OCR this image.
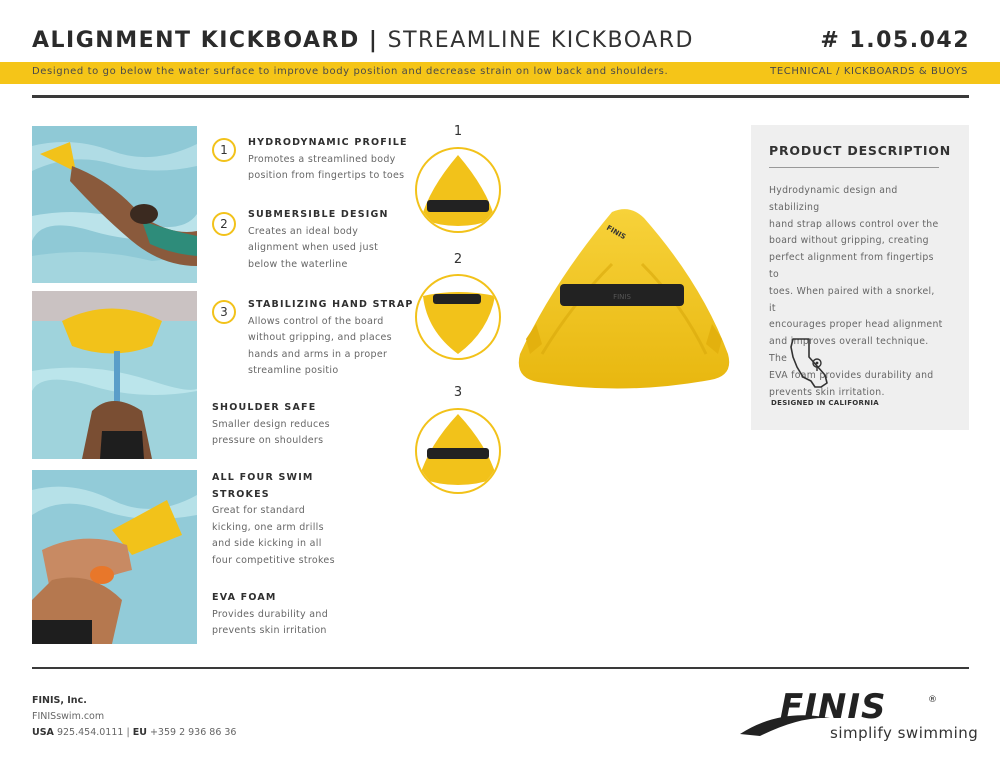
ALIGNMENT KICKBOARD | STREAMLINE KICKBOARD	# 1.05.042
Designed to go below the water surface to improve body position and decrease strain on low back and shoulders.	TECHNICAL / KICKBOARDS & BUOYS
1
HYDRODYNAMIC PROFILE
Promotes a streamlined body
position from fingertips to toes
2
SUBMERSIBLE DESIGN
Creates an ideal body
alignment when used just
below the waterline
3
STABILIZING HAND STRAP
Allows control of the board
without gripping, and places
hands and arms in a proper
streamline positio
SHOULDER SAFE
Smaller design reduces
pressure on shoulders
ALL FOUR SWIM
STROKES
Great for standard
kicking, one arm drills
and side kicking in all
four competitive strokes
EVA FOAM
Provides durability and
prevents skin irritation
1
2
3
FINIS
FINIS
PRODUCT DESCRIPTION
Hydrodynamic design and stabilizing
hand strap allows control over the
board without gripping, creating
perfect alignment from fingertips to
toes. When paired with a snorkel, it
encourages proper head alignment
and improves overall technique. The
EVA foam provides durability and
prevents skin irritation.
DESIGNED IN CALIFORNIA
FINIS, Inc.
FINISswim.com
USA 925.454.0111 | EU +359 2 936 86 36
FINIS	®
simplify swimming
